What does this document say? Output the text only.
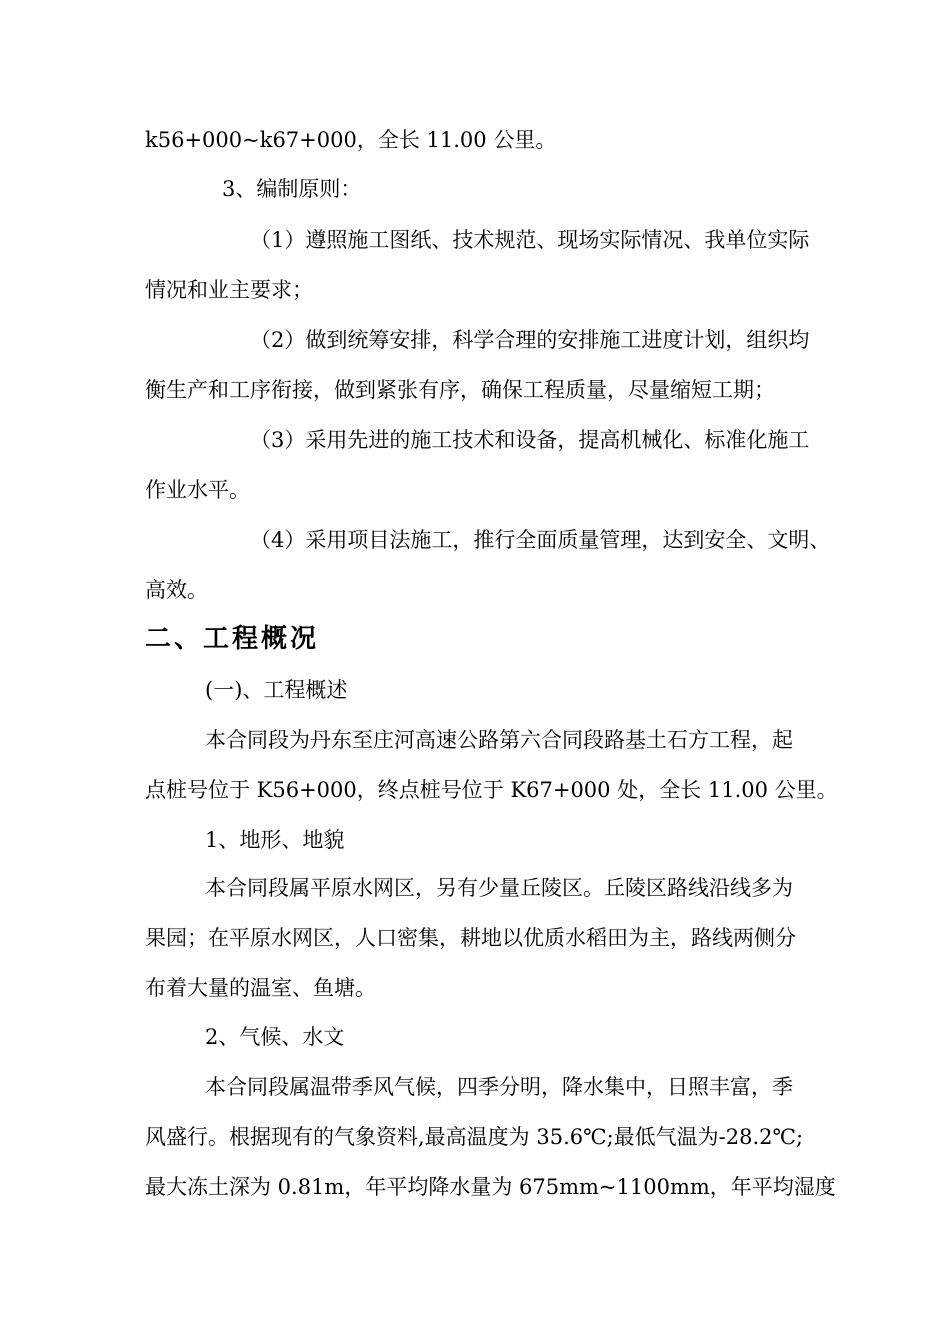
k56+000~k67+000，全长 11.00 公里。

3、编制原则：

（1）遵照施工图纸、技术规范、现场实际情况、我单位实际

情况和业主要求；

（2）做到统筹安排，科学合理的安排施工进度计划，组织均

衡生产和工序衔接，做到紧张有序，确保工程质量，尽量缩短工期；

（3）采用先进的施工技术和设备，提高机械化、标准化施工

作业水平。

（4）采用项目法施工，推行全面质量管理，达到安全、文明、

高效。

二、工程概况

(一)、工程概述

本合同段为丹东至庄河高速公路第六合同段路基土石方工程，起

点桩号位于 K56+000，终点桩号位于 K67+000 处，全长 11.00 公里。

1、地形、地貌

本合同段属平原水网区，另有少量丘陵区。丘陵区路线沿线多为

果园；在平原水网区，人口密集，耕地以优质水稻田为主，路线两侧分

布着大量的温室、鱼塘。

2、气候、水文

本合同段属温带季风气候，四季分明，降水集中，日照丰富，季

风盛行。根据现有的气象资料,最高温度为 35.6℃;最低气温为-28.2℃;

最大冻土深为 0.81m，年平均降水量为 675mm~1100mm，年平均湿度
